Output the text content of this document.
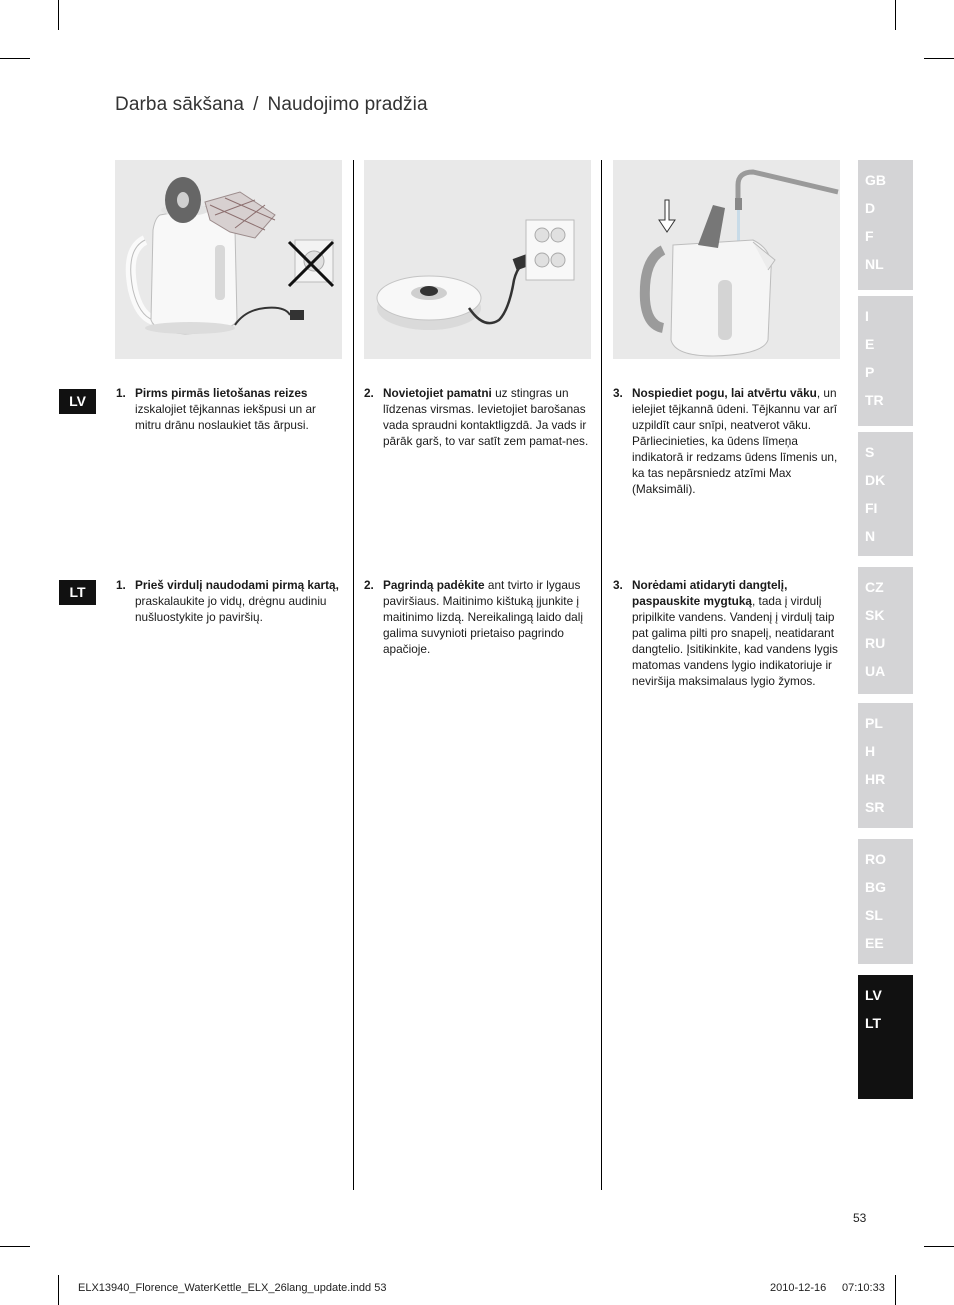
Darba sākšana / Naudojimo pradžia
LV	1. Pirms pirmās lietošanas reizes izskalojiet tējkannas iekšpusi un ar mitru drānu noslaukiet tās ārpusi.
2. Novietojiet pamatni uz stingras un līdzenas virsmas. Ievietojiet barošanas vada spraudni kontaktligzdā. Ja vads ir pārāk garš, to var satīt zem pamat-nes.
3. Nospiediet pogu, lai atvērtu vāku, un ielejiet tējkannā ūdeni. Tējkannu var arī uzpildīt caur snīpi, neatverot vāku. Pārliecinieties, ka ūdens līmeņa indikatorā ir redzams ūdens līmenis un, ka tas nepārsniedz atzīmi Max (Maksimāli).
LT	1. Prieš virdulį naudodami pirmą kartą, praskalaukite jo vidų, drėgnu audiniu nušluostykite jo paviršių.
2. Pagrindą padėkite ant tvirto ir lygaus paviršiaus. Maitinimo kištuką įjunkite į maitinimo lizdą. Nereikalingą laido dalį galima suvynioti prietaiso pagrindo apačioje.
3. Norėdami atidaryti dangtelį, paspauskite mygtuką, tada į virdulį pripilkite vandens. Vandenį į virdulį taip pat galima pilti pro snapelį, neatidarant dangtelio. Įsitikinkite, kad vandens lygis matomas vandens lygio indikatoriuje ir neviršija maksimalaus lygio žymos.
GB
D
F
NL
I
E
P
TR
S
DK
FI
N
CZ
SK
RU
UA
PL
H
HR
SR
RO
BG
SL
EE
LV
LT
53
ELX13940_Florence_WaterKettle_ELX_26lang_update.indd 53	2010-12-16 07:10:33
